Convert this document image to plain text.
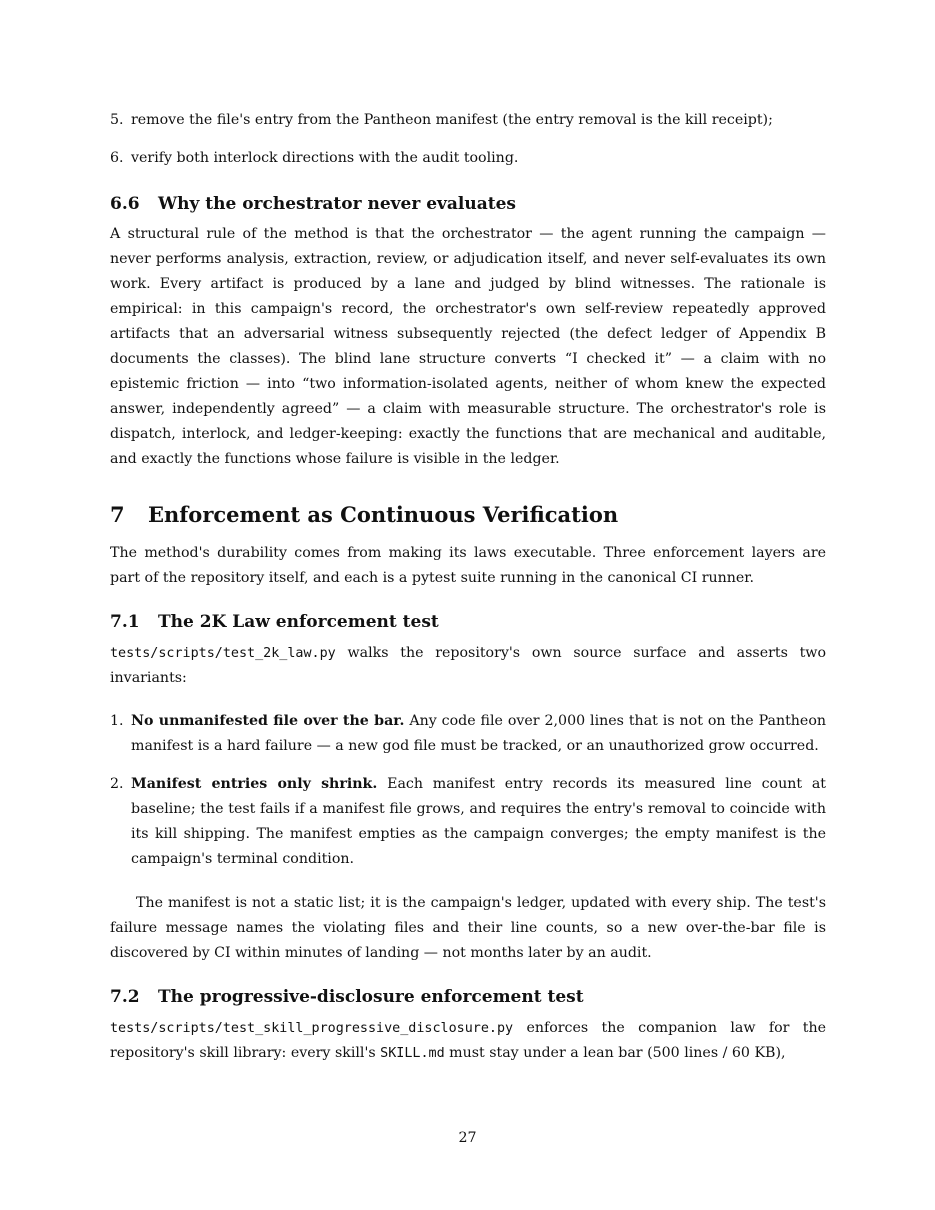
5. remove the file's entry from the Pantheon manifest (the entry removal is the kill receipt);
6. verify both interlock directions with the audit tooling.
6.6	Why the orchestrator never evaluates

A structural rule of the method is that the orchestrator — the agent running the campaign — never performs analysis, extraction, review, or adjudication itself, and never self-evaluates its own work. Every artifact is produced by a lane and judged by blind witnesses. The rationale is empirical: in this campaign's record, the orchestrator's own self-review repeatedly approved artifacts that an adversarial witness subsequently rejected (the defect ledger of Appendix B documents the classes). The blind lane structure converts “I checked it” — a claim with no epistemic friction — into “two information-isolated agents, neither of whom knew the expected answer, independently agreed” — a claim with measurable structure. The orchestrator's role is dispatch, interlock, and ledger-keeping: exactly the functions that are mechanical and auditable, and exactly the functions whose failure is visible in the ledger.

7	Enforcement as Continuous Verification

The method's durability comes from making its laws executable. Three enforcement layers are part of the repository itself, and each is a pytest suite running in the canonical CI runner.

7.1	The 2K Law enforcement test

tests/scripts/test_2k_law.py walks the repository's own source surface and asserts two invariants:

1. No unmanifested file over the bar. Any code file over 2,000 lines that is not on the Pantheon manifest is a hard failure — a new god file must be tracked, or an unauthorized grow occurred.
2. Manifest entries only shrink. Each manifest entry records its measured line count at baseline; the test fails if a manifest file grows, and requires the entry's removal to coincide with its kill shipping. The manifest empties as the campaign converges; the empty manifest is the campaign's terminal condition.

The manifest is not a static list; it is the campaign's ledger, updated with every ship. The test's failure message names the violating files and their line counts, so a new over-the-bar file is discovered by CI within minutes of landing — not months later by an audit.

7.2	The progressive-disclosure enforcement test

tests/scripts/test_skill_progressive_disclosure.py enforces the companion law for the repository's skill library: every skill's SKILL.md must stay under a lean bar (500 lines / 60 KB),

27
